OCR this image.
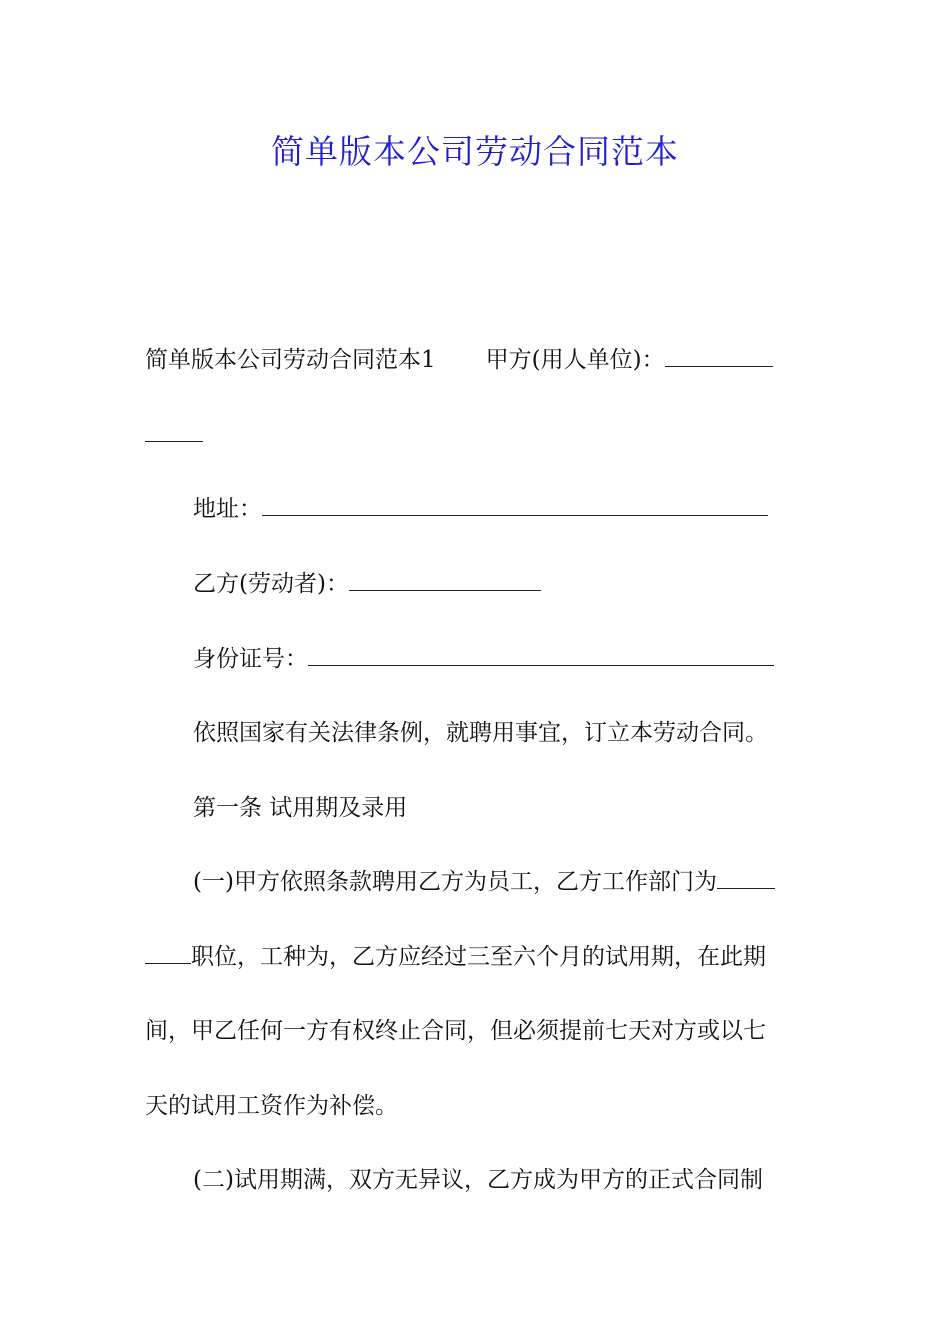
简单版本公司劳动合同范本
简单版本公司劳动合同范本1 甲方(用人单位)：
地址：
乙方(劳动者)：
身份证号：
依照国家有关法律条例，就聘用事宜，订立本劳动合同。
第一条 试用期及录用
(一)甲方依照条款聘用乙方为员工，乙方工作部门为
职位，工种为，乙方应经过三至六个月的试用期，在此期
间，甲乙任何一方有权终止合同，但必须提前七天对方或以七
天的试用工资作为补偿。
(二)试用期满，双方无异议，乙方成为甲方的正式合同制
